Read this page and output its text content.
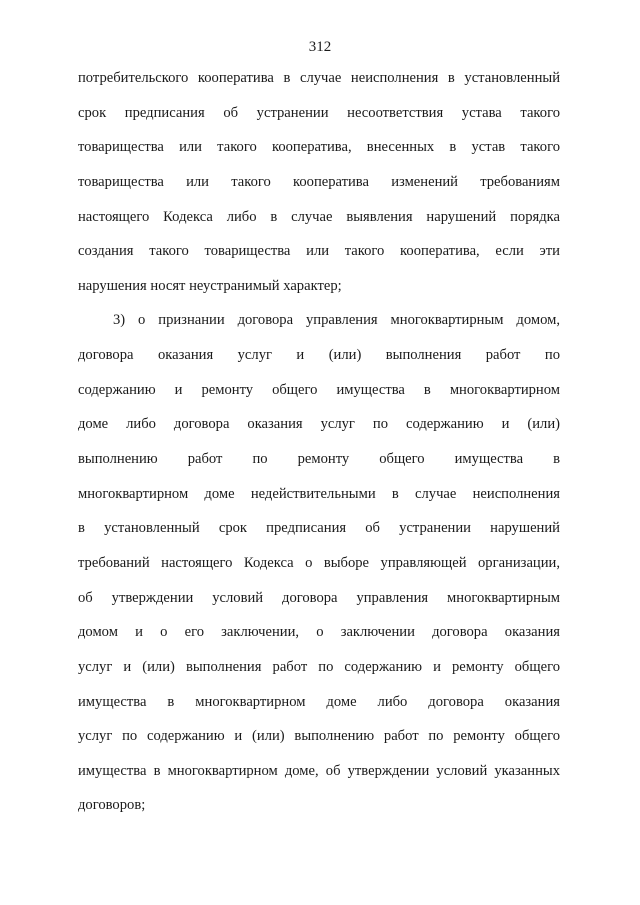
312
потребительского кооператива в случае неисполнения в установленный
срок предписания об устранении несоответствия устава такого
товарищества или такого кооператива, внесенных в устав такого
товарищества или такого кооператива изменений требованиям
настоящего Кодекса либо в случае выявления нарушений порядка
создания такого товарищества или такого кооператива, если эти
нарушения носят неустранимый характер;
3) о признании договора управления многоквартирным домом,
договора оказания услуг и (или) выполнения работ по
содержанию и ремонту общего имущества в многоквартирном
доме либо договора оказания услуг по содержанию и (или)
выполнению работ по ремонту общего имущества в
многоквартирном доме недействительными в случае неисполнения
в установленный срок предписания об устранении нарушений
требований настоящего Кодекса о выборе управляющей организации,
об утверждении условий договора управления многоквартирным
домом и о его заключении, о заключении договора оказания
услуг и (или) выполнения работ по содержанию и ремонту общего
имущества в многоквартирном доме либо договора оказания
услуг по содержанию и (или) выполнению работ по ремонту общего
имущества в многоквартирном доме, об утверждении условий указанных
договоров;
